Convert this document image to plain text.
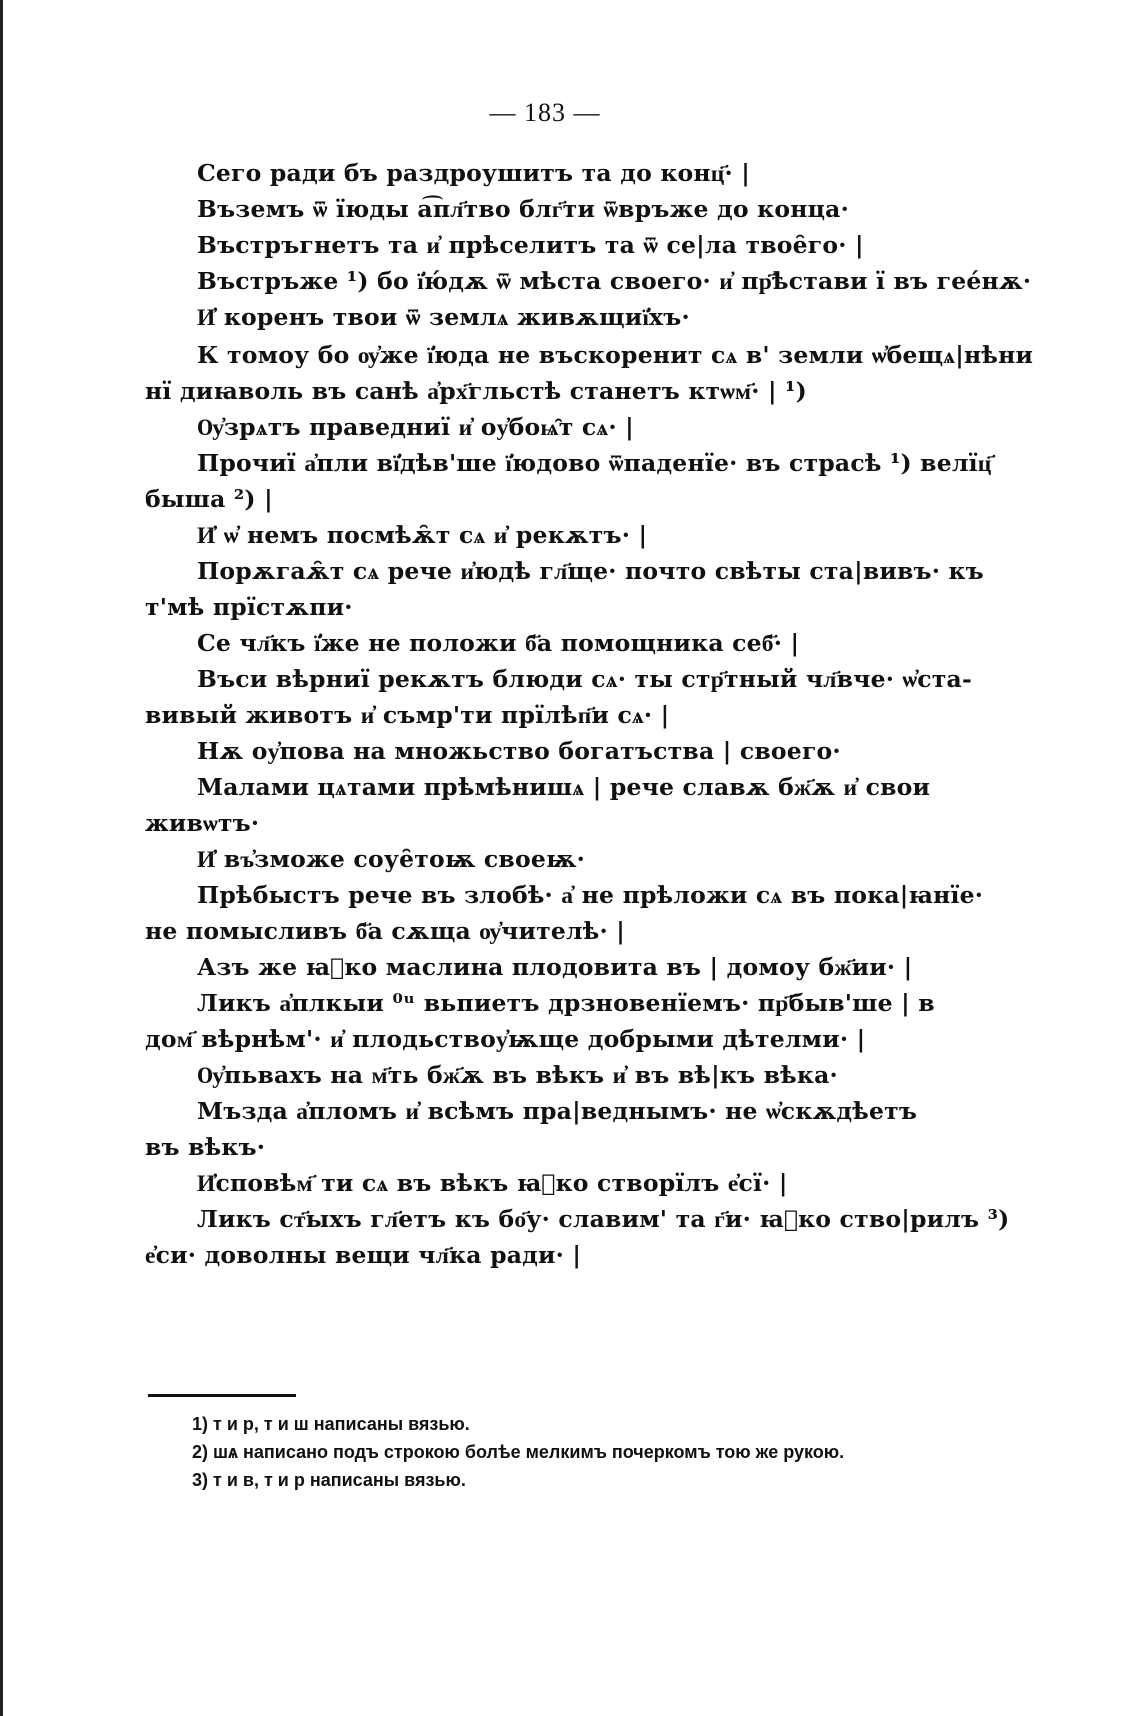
— 183 —
Сего ради бъ раздроушитъ та до конц҃· |
Въземъ ѿ їюды а͡пл҃тво блг҃ти ѿвръже до конца·
Въстръгнетъ та и҆ прѣселитъ та ѿ се|ла твое̑го· |
Въстръже ¹) бо ї҆ю́дѫ ѿ мѣста своего· и҆ пр҃ѣстави ї въ гее́нѫ·
И҆ коренъ твои ѿ землѧ живѫщиї҆хъ·
К томоу бо ѹ҆же ї҆юда не въскоренит сѧ в' земли ѡ҆бещѧ|нѣни
нї диꙗволь въ санѣ а҆рх҃гльстѣ станетъ ктѡм҃· | ¹)
Ѹ҆зрѧтъ праведниї и҆ оу҆боѩ̑т сѧ· |
Прочиї а҆пли вї҆дѣв'ше ї҆юдово ѿпаденїе· въ страсѣ ¹) велїц҃
быша ²) |
И҆ ѡ҆ немъ посмѣѫ̑т сѧ и҆ рекѫтъ· |
Порѫгаѫ̑т сѧ рече и҆юдѣ гл҃ще· почто свѣты ста|вивъ· къ
т'мѣ прїстѫпи·
Се чл҃къ ї҆же не положи б҃а помощника себ҃· |
Въси вѣрниї рекѫтъ блюди сѧ· ты стр҃тный чл҃вче· ѡ҆ста-
вивый животъ и҆ съмр'ти прїлѣп҃и сѧ· |
Нѫ оу҆пова на множьство богатъства | своего·
Малами цѧтами прѣмѣнишѧ | рече славѫ бж҃ѫ и҆ свои
живѡтъ·
И҆ въ҆зможе соуе̑тоѭ своеѭ·
Прѣбыстъ рече въ злобѣ· а҆ не прѣложи сѧ въ пока|ꙗнїе·
не помысливъ б҃а сѫща ѹ҆чителѣ· |
Азъ же ꙗ҆ко маслина плодовита въ | домоу бж҃ии· |
Ликъ а҆плкыи ⁰ᵘ вьпиетъ дрзновенїемъ· пр҃быв'ше | в
дом҃ вѣрнѣм'· и҆ плодьствоу҆ѭще добрыми дѣтелми· |
Ѹ҆пьвахъ на м҃ть бж҃ѫ въ вѣкъ и҆ въ вѣ|къ вѣка·
Мъзда а҆пломъ и҆ всѣмъ пра|веднымъ· не ѡ҆скѫдѣетъ
въ вѣкъ·
И҆сповѣм҃ ти сѧ въ вѣкъ ꙗ҆ко створїлъ е҆сї· |
Ликъ ст҃ыхъ гл҃етъ къ бо҃у· славим' та г҃и· ꙗ҆ко ство|рилъ ³)
е҆си· доволны вещи чл҃ка ради· |
1) т и р, т и ш написаны вязью.
2) шѧ написано подъ строкою болѣе мелкимъ почеркомъ тою же рукою.
3) т и в, т и р написаны вязью.
